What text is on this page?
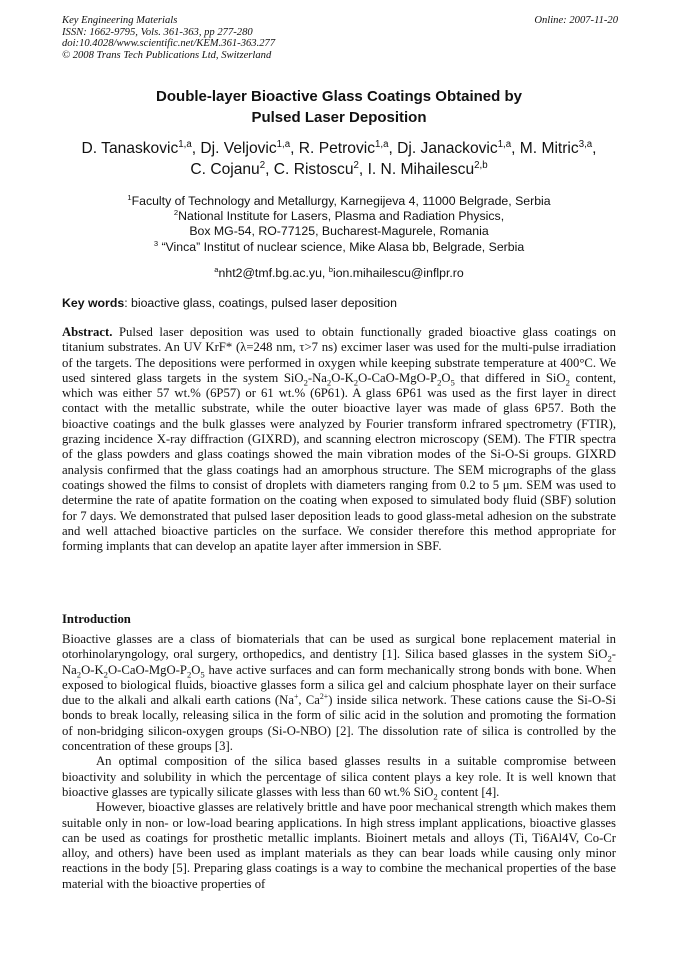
Key Engineering Materials	Online: 2007-11-20
ISSN: 1662-9795, Vols. 361-363, pp 277-280
doi:10.4028/www.scientific.net/KEM.361-363.277
© 2008 Trans Tech Publications Ltd, Switzerland
Double-layer Bioactive Glass Coatings Obtained by
Pulsed Laser Deposition
D. Tanaskovic$^{1,a}$, Dj. Veljovic$^{1,a}$, R. Petrovic$^{1,a}$, Dj. Janackovic$^{1,a}$, M. Mitric$^{3,a}$,
C. Cojanu$^2$, C. Ristoscu$^2$, I. N. Mihailescu$^{2,b}$
$^1$Faculty of Technology and Metallurgy, Karnegijeva 4, 11000 Belgrade, Serbia
$^2$National Institute for Lasers, Plasma and Radiation Physics,
Box MG-54, RO-77125, Bucharest-Magurele, Romania
$^3$ “Vinca” Institut of nuclear science, Mike Alasa bb, Belgrade, Serbia
$^a$nht2@tmf.bg.ac.yu, $^b$ion.mihailescu@inflpr.ro
Key words: bioactive glass, coatings, pulsed laser deposition
Abstract. Pulsed laser deposition was used to obtain functionally graded bioactive glass coatings on titanium substrates. An UV KrF* (λ=248 nm, τ>7 ns) excimer laser was used for the multi-pulse irradiation of the targets. The depositions were performed in oxygen while keeping substrate temperature at 400°C. We used sintered glass targets in the system $SiO_2-Na_2O-K_2O-CaO-MgO-P_2O_5$ that differed in SiO$_2$ content, which was either 57 wt.% (6P57) or 61 wt.% (6P61). A glass 6P61 was used as the first layer in direct contact with the metallic substrate, while the outer bioactive layer was made of glass 6P57. Both the bioactive coatings and the bulk glasses were analyzed by Fourier transform infrared spectrometry (FTIR), grazing incidence X-ray diffraction (GIXRD), and scanning electron microscopy (SEM). The FTIR spectra of the glass powders and glass coatings showed the main vibration modes of the Si-O-Si groups. GIXRD analysis confirmed that the glass coatings had an amorphous structure. The SEM micrographs of the glass coatings showed the films to consist of droplets with diameters ranging from 0.2 to 5 μm. SEM was used to determine the rate of apatite formation on the coating when exposed to simulated body fluid (SBF) solution for 7 days. We demonstrated that pulsed laser deposition leads to good glass-metal adhesion on the substrate and well attached bioactive particles on the surface. We consider therefore this method appropriate for forming implants that can develop an apatite layer after immersion in SBF.
Introduction

Bioactive glasses are a class of biomaterials that can be used as surgical bone replacement material in otorhinolaryngology, oral surgery, orthopedics, and dentistry [1]. Silica based glasses in the system $SiO_2-Na_2O-K_2O-CaO-MgO-P_2O_5$ have active surfaces and can form mechanically strong bonds with bone. When exposed to biological fluids, bioactive glasses form a silica gel and calcium phosphate layer on their surface due to the alkali and alkali earth cations (Na+, $Ca^{2+}$) inside silica network. These cations cause the Si-O-Si bonds to break locally, releasing silica in the form of silic acid in the solution and promoting the formation of non-bridging silicon-oxygen groups (Si-O-NBO) [2]. The dissolution rate of silica is controlled by the concentration of these groups [3].

An optimal composition of the silica based glasses results in a suitable compromise between bioactivity and solubility in which the percentage of silica content plays a key role. It is well known that bioactive glasses are typically silicate glasses with less than 60 wt.% SiO$_2$ content [4].

However, bioactive glasses are relatively brittle and have poor mechanical strength which makes them suitable only in non- or low-load bearing applications. In high stress implant applications, bioactive glasses can be used as coatings for prosthetic metallic implants. Bioinert metals and alloys (Ti, Ti6Al4V, Co-Cr alloy, and others) have been used as implant materials as they can bear loads while causing only minor reactions in the body [5]. Preparing glass coatings is a way to combine the mechanical properties of the base material with the bioactive properties of
